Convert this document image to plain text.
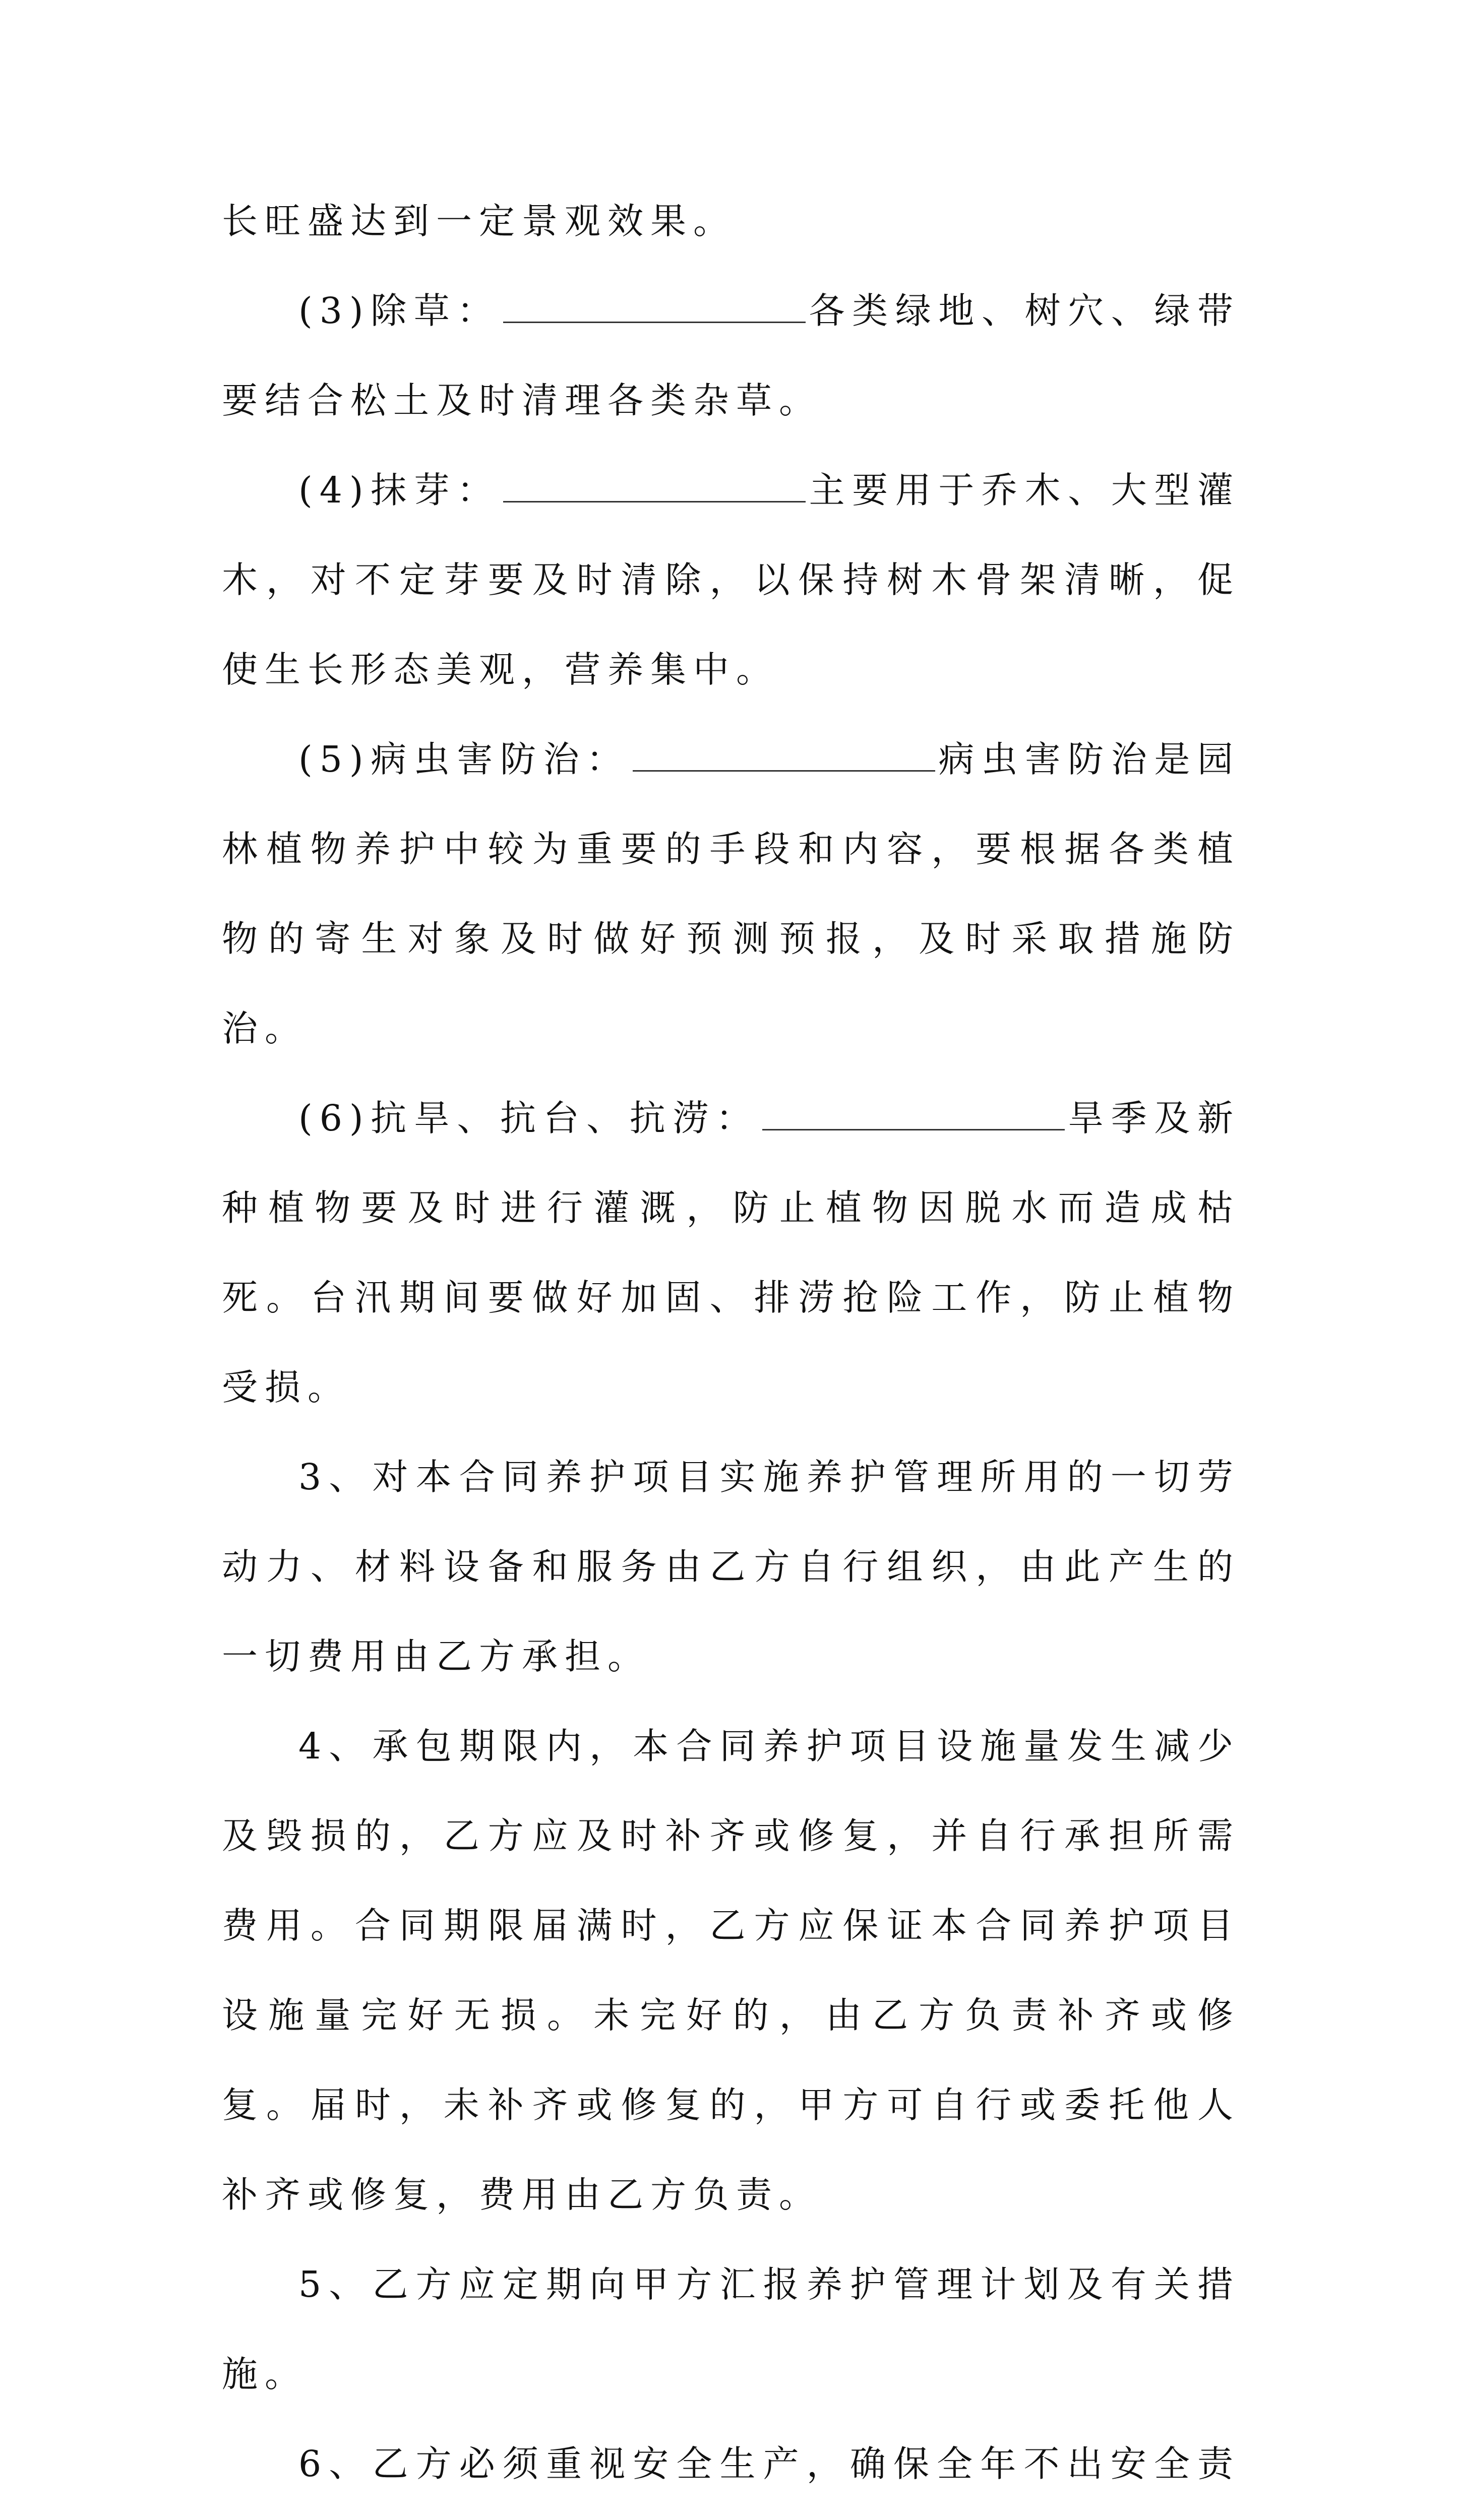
长旺盛达到一定景观效果。

(3)除草：	各类绿地、树穴、绿带要结合松土及时清理各类杂草。

(4)抹芽：	主要用于乔木、大型灌木，对不定芽要及时清除，以保持树木骨架清晰，促使生长形态美观，营养集中。

(5)病虫害防治：	病虫害防治是园林植物养护中较为重要的手段和内容，要根据各类植物的寄生对象及时做好预测预报，及时采取措施防治。

(6)抗旱、抗台、抗涝：	旱季及新种植物要及时进行灌溉，防止植物因脱水而造成枯死。台汛期间要做好加固、排涝抢险工作，防止植物受损。

3、对本合同养护项目实施养护管理所用的一切劳动力、材料设备和服务由乙方自行组织，由此产生的一切费用由乙方承担。

4、承包期限内，本合同养护项目设施量发生减少及毁损的，乙方应及时补齐或修复，并自行承担所需费用。合同期限届满时，乙方应保证本合同养护项目设施量完好无损。未完好的，由乙方负责补齐或修复。届时，未补齐或修复的，甲方可自行或委托他人补齐或修复，费用由乙方负责。

5、乙方应定期向甲方汇报养护管理计划及有关措施。

6、乙方必须重视安全生产，确保全年不出安全责
